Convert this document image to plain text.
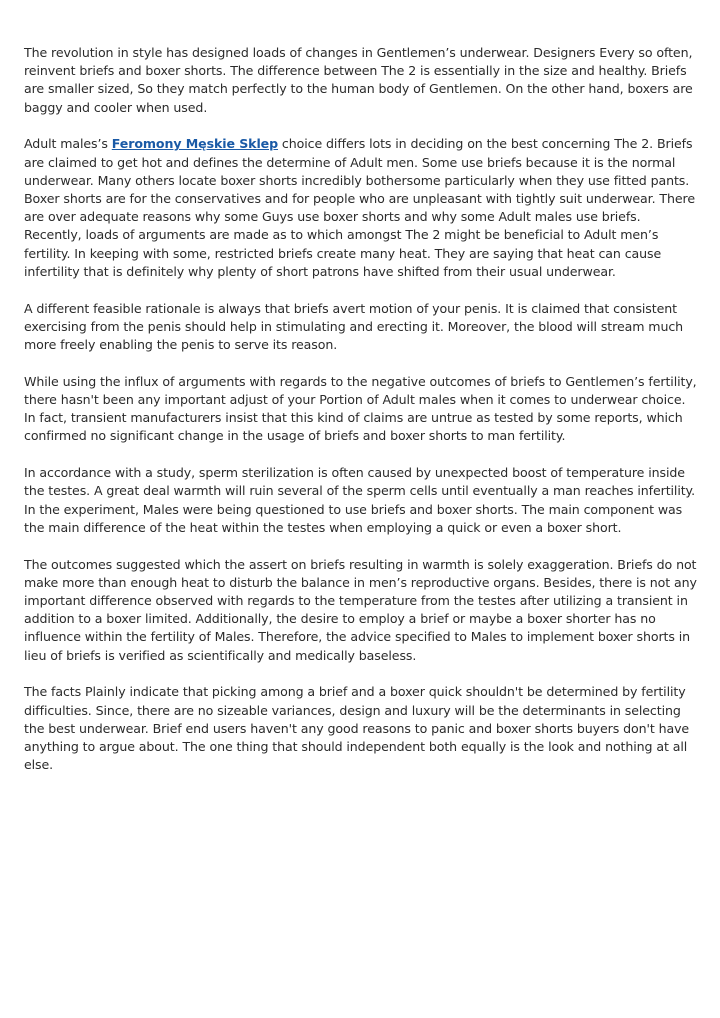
The revolution in style has designed loads of changes in Gentlemen’s underwear. Designers Every so often, reinvent briefs and boxer shorts. The difference between The 2 is essentially in the size and healthy. Briefs are smaller sized, So they match perfectly to the human body of Gentlemen. On the other hand, boxers are baggy and cooler when used.

Adult males’s Feromony Męskie Sklep choice differs lots in deciding on the best concerning The 2. Briefs are claimed to get hot and defines the determine of Adult men. Some use briefs because it is the normal underwear. Many others locate boxer shorts incredibly bothersome particularly when they use fitted pants. Boxer shorts are for the conservatives and for people who are unpleasant with tightly suit underwear. There are over adequate reasons why some Guys use boxer shorts and why some Adult males use briefs. Recently, loads of arguments are made as to which amongst The 2 might be beneficial to Adult men’s fertility. In keeping with some, restricted briefs create many heat. They are saying that heat can cause infertility that is definitely why plenty of short patrons have shifted from their usual underwear.

A different feasible rationale is always that briefs avert motion of your penis. It is claimed that consistent exercising from the penis should help in stimulating and erecting it. Moreover, the blood will stream much more freely enabling the penis to serve its reason.

While using the influx of arguments with regards to the negative outcomes of briefs to Gentlemen’s fertility, there hasn't been any important adjust of your Portion of Adult males when it comes to underwear choice. In fact, transient manufacturers insist that this kind of claims are untrue as tested by some reports, which confirmed no significant change in the usage of briefs and boxer shorts to man fertility.

In accordance with a study, sperm sterilization is often caused by unexpected boost of temperature inside the testes. A great deal warmth will ruin several of the sperm cells until eventually a man reaches infertility. In the experiment, Males were being questioned to use briefs and boxer shorts. The main component was the main difference of the heat within the testes when employing a quick or even a boxer short.

The outcomes suggested which the assert on briefs resulting in warmth is solely exaggeration. Briefs do not make more than enough heat to disturb the balance in men’s reproductive organs. Besides, there is not any important difference observed with regards to the temperature from the testes after utilizing a transient in addition to a boxer limited. Additionally, the desire to employ a brief or maybe a boxer shorter has no influence within the fertility of Males. Therefore, the advice specified to Males to implement boxer shorts in lieu of briefs is verified as scientifically and medically baseless.

The facts Plainly indicate that picking among a brief and a boxer quick shouldn't be determined by fertility difficulties. Since, there are no sizeable variances, design and luxury will be the determinants in selecting the best underwear. Brief end users haven't any good reasons to panic and boxer shorts buyers don't have anything to argue about. The one thing that should independent both equally is the look and nothing at all else.
